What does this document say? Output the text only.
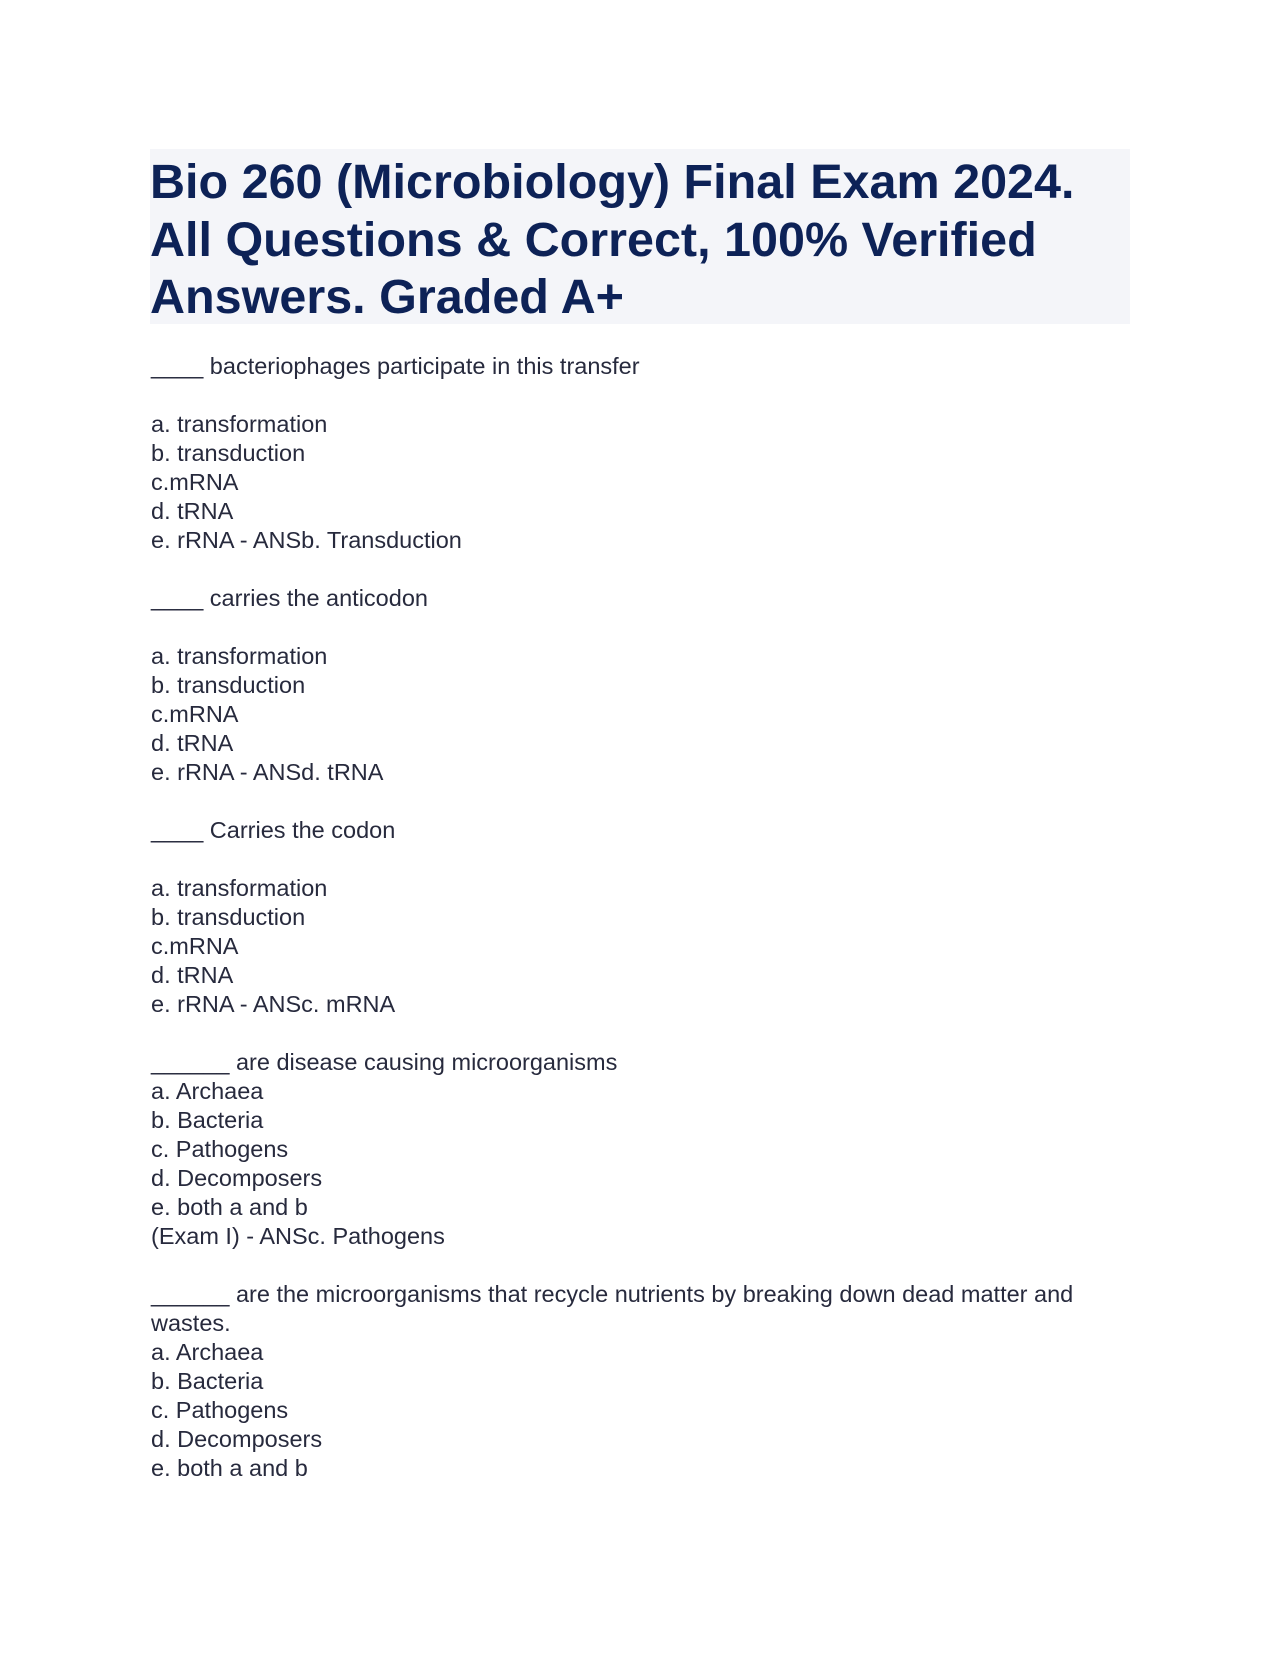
Bio 260 (Microbiology) Final Exam 2024. All Questions & Correct, 100% Verified Answers. Graded A+
____ bacteriophages participate in this transfer
a. transformation
b. transduction
c.mRNA
d. tRNA
e. rRNA - ANSb. Transduction
____ carries the anticodon
a. transformation
b. transduction
c.mRNA
d. tRNA
e. rRNA - ANSd. tRNA
____ Carries the codon
a. transformation
b. transduction
c.mRNA
d. tRNA
e. rRNA - ANSc. mRNA
______ are disease causing microorganisms
a. Archaea
b. Bacteria
c. Pathogens
d. Decomposers
e. both a and b
(Exam I) - ANSc. Pathogens
______ are the microorganisms that recycle nutrients by breaking down dead matter and wastes.
a. Archaea
b. Bacteria
c. Pathogens
d. Decomposers
e. both a and b
